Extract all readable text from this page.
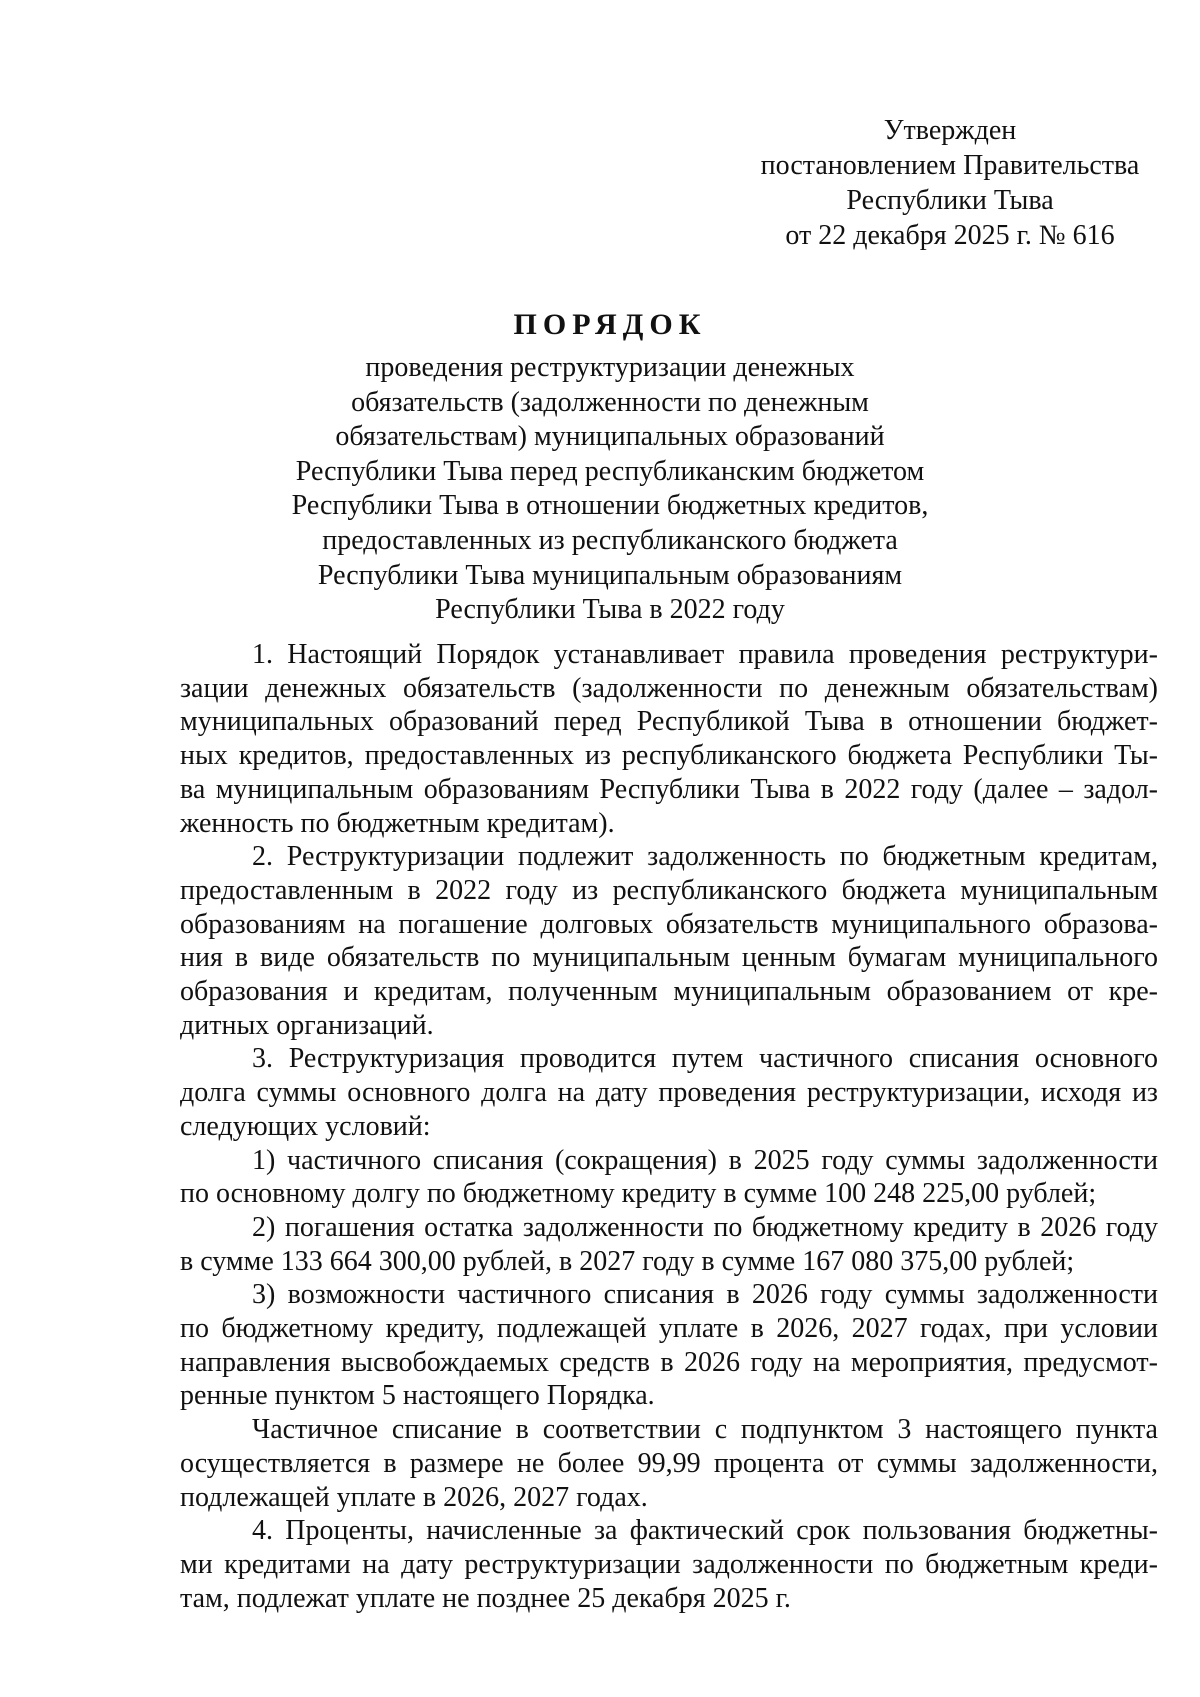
Утвержден
постановлением Правительства
Республики Тыва
от 22 декабря 2025 г. № 616
ПОРЯДОК
проведения реструктуризации денежных
обязательств (задолженности по денежным
обязательствам) муниципальных образований
Республики Тыва перед республиканским бюджетом
Республики Тыва в отношении бюджетных кредитов,
предоставленных из республиканского бюджета
Республики Тыва муниципальным образованиям
Республики Тыва в 2022 году
1. Настоящий Порядок устанавливает правила проведения реструктури-
зации денежных обязательств (задолженности по денежным обязательствам)
муниципальных образований перед Республикой Тыва в отношении бюджет-
ных кредитов, предоставленных из республиканского бюджета Республики Ты-
ва муниципальным образованиям Республики Тыва в 2022 году (далее – задол-
женность по бюджетным кредитам).
2. Реструктуризации подлежит задолженность по бюджетным кредитам,
предоставленным в 2022 году из республиканского бюджета муниципальным
образованиям на погашение долговых обязательств муниципального образова-
ния в виде обязательств по муниципальным ценным бумагам муниципального
образования и кредитам, полученным муниципальным образованием от кре-
дитных организаций.
3. Реструктуризация проводится путем частичного списания основного
долга суммы основного долга на дату проведения реструктуризации, исходя из
следующих условий:
1) частичного списания (сокращения) в 2025 году суммы задолженности
по основному долгу по бюджетному кредиту в сумме 100 248 225,00 рублей;
2) погашения остатка задолженности по бюджетному кредиту в 2026 году
в сумме 133 664 300,00 рублей, в 2027 году в сумме 167 080 375,00 рублей;
3) возможности частичного списания в 2026 году суммы задолженности
по бюджетному кредиту, подлежащей уплате в 2026, 2027 годах, при условии
направления высвобождаемых средств в 2026 году на мероприятия, предусмот-
ренные пунктом 5 настоящего Порядка.
Частичное списание в соответствии с подпунктом 3 настоящего пункта
осуществляется в размере не более 99,99 процента от суммы задолженности,
подлежащей уплате в 2026, 2027 годах.
4. Проценты, начисленные за фактический срок пользования бюджетны-
ми кредитами на дату реструктуризации задолженности по бюджетным креди-
там, подлежат уплате не позднее 25 декабря 2025 г.
